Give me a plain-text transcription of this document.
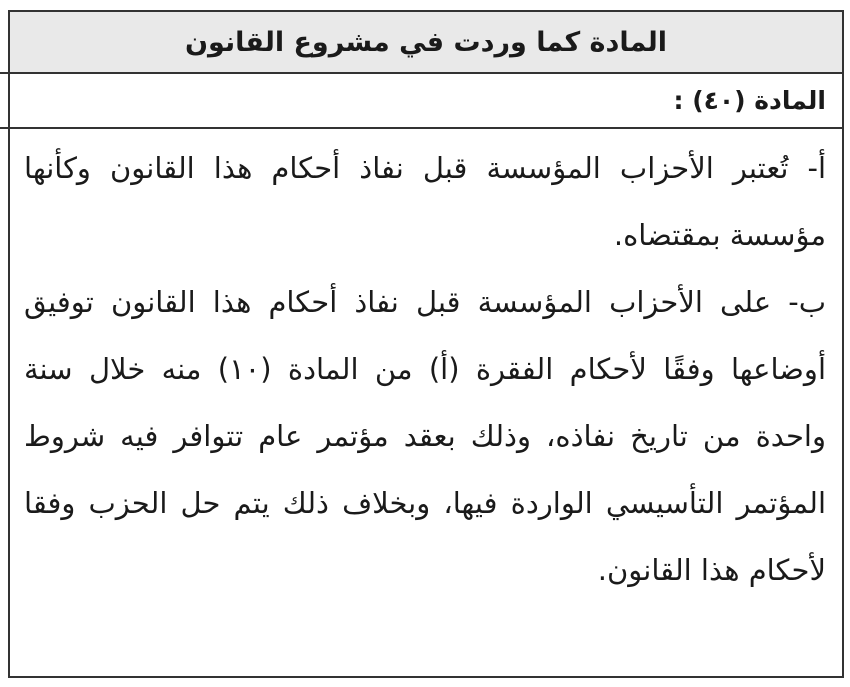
المادة كما وردت في مشروع القانون
المادة (٤٠) :

أ- تُعتبر الأحزاب المؤسسة قبل نفاذ أحكام هذا القانون وكأنها مؤسسة بمقتضاه.

ب- على الأحزاب المؤسسة قبل نفاذ أحكام هذا القانون توفيق أوضاعها وفقًا لأحكام الفقرة (أ) من المادة (١٠) منه خلال سنة واحدة من تاريخ نفاذه، وذلك بعقد مؤتمر عام تتوافر فيه شروط المؤتمر التأسيسي الواردة فيها، وبخلاف ذلك يتم حل الحزب وفقا لأحكام هذا القانون.
